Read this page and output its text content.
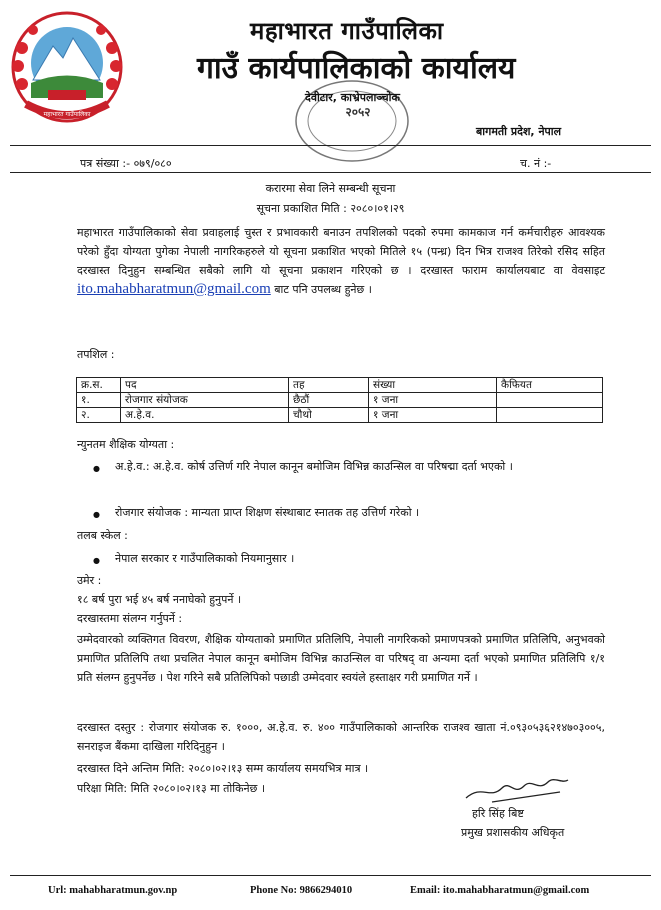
महाभारत गाउँपालिका
महाभारत गाउँपालिका
गाउँ कार्यपालिकाको कार्यालय
२०५२
देवीटार, काभ्रेपलाञ्चोक
बागमती प्रदेश, नेपाल
पत्र संख्या :- ०७९/०८०	च. नं :-
करारमा सेवा लिने सम्बन्धी सूचना
सूचना प्रकाशित मिति : २०८०।०१।२९
महाभारत गाउँपालिकाको सेवा प्रवाहलाई चुस्त र प्रभावकारी बनाउन तपशिलको पदको रुपमा कामकाज गर्न कर्मचारीहरु आवश्यक परेको हुँदा योग्यता पुगेका नेपाली नागरिकहरुले यो सूचना प्रकाशित भएको मितिले १५ (पन्ध्र) दिन भित्र राजश्व तिरेको रसिद सहित दरखास्त दिनुहुन सम्बन्धित सबैको लागि यो सूचना प्रकाशन गरिएको छ । दरखास्त फाराम कार्यालयबाट वा वेवसाइट ito.mahabharatmun@gmail.com बाट पनि उपलब्ध हुनेछ ।
तपशिल :
क्र.स.	पद	तह	संख्या	कैफियत
१.	रोजगार संयोजक	छैठौं	१ जना	
२.	अ.हे.व.	चौथो	१ जना	
न्युनतम शैक्षिक योग्यता :
● अ.हे.व.: अ.हे.व. कोर्ष उत्तिर्ण गरि नेपाल कानून बमोजिम विभिन्न काउन्सिल वा परिषद्मा दर्ता भएको ।
● रोजगार संयोजक : मान्यता प्राप्त शिक्षण संस्थाबाट स्नातक तह उत्तिर्ण गरेको ।
तलब स्केल :
● नेपाल सरकार र गाउँपालिकाको नियमानुसार ।
उमेर :
१८ बर्ष पुरा भई ४५ बर्ष ननाघेको हुनुपर्ने ।
दरखास्तमा संलग्न गर्नुपर्ने :
उम्मेदवारको व्यक्तिगत विवरण, शैक्षिक योग्यताको प्रमाणित प्रतिलिपि, नेपाली नागरिकको प्रमाणपत्रको प्रमाणित प्रतिलिपि, अनुभवको प्रमाणित प्रतिलिपि तथा प्रचलित नेपाल कानून बमोजिम विभिन्न काउन्सिल वा परिषद् वा अन्यमा दर्ता भएको प्रमाणित प्रतिलिपि १/१ प्रति संलग्न हुनुपर्नेछ । पेश गरिने सबै प्रतिलिपिको पछाडी उम्मेदवार स्वयंले हस्ताक्षर गरी प्रमाणित गर्ने ।
दरखास्त दस्तुर : रोजगार संयोजक रु. १०००, अ.हे.व. रु. ४०० गाउँपालिकाको आन्तरिक राजश्व खाता नं.०९३०५३६२१४७०३००५, सनराइज बैंकमा दाखिला गरिदिनुहुन ।
दरखास्त दिने अन्तिम मिति: २०८०।०२।१३ सम्म कार्यालय समयभित्र मात्र ।
परिक्षा मिति: मिति २०८०।०२।१३ मा तोकिनेछ ।
हरि सिंह बिष्ट
प्रमुख प्रशासकीय अधिकृत
Url: mahabharatmun.gov.np	Phone No: 9866294010	Email: ito.mahabharatmun@gmail.com
